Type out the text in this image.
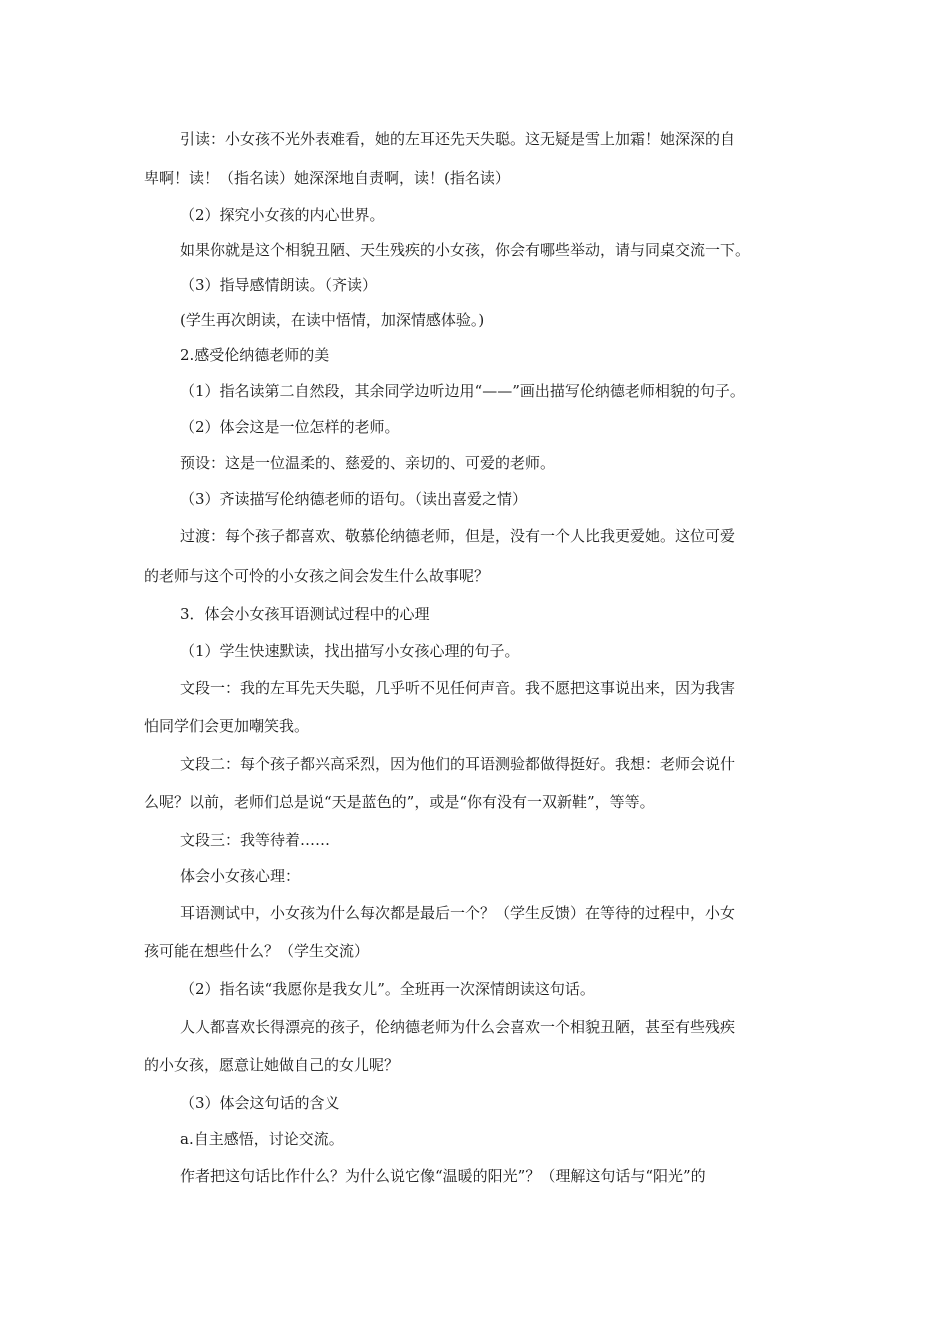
引读：小女孩不光外表难看，她的左耳还先天失聪。这无疑是雪上加霜！她深深的自
卑啊！读！（指名读）她深深地自责啊，读！(指名读）
（2）探究小女孩的内心世界。
如果你就是这个相貌丑陋、天生残疾的小女孩，你会有哪些举动，请与同桌交流一下。
（3）指导感情朗读。（齐读）
(学生再次朗读，在读中悟情，加深情感体验。)
2.感受伦纳德老师的美
（1）指名读第二自然段，其余同学边听边用“——”画出描写伦纳德老师相貌的句子。
（2）体会这是一位怎样的老师。
预设：这是一位温柔的、慈爱的、亲切的、可爱的老师。
（3）齐读描写伦纳德老师的语句。（读出喜爱之情）
过渡：每个孩子都喜欢、敬慕伦纳德老师，但是，没有一个人比我更爱她。这位可爱
的老师与这个可怜的小女孩之间会发生什么故事呢？
3．体会小女孩耳语测试过程中的心理
（1）学生快速默读，找出描写小女孩心理的句子。
文段一：我的左耳先天失聪，几乎听不见任何声音。我不愿把这事说出来，因为我害
怕同学们会更加嘲笑我。
文段二：每个孩子都兴高采烈，因为他们的耳语测验都做得挺好。我想：老师会说什
么呢？以前，老师们总是说“天是蓝色的”，或是“你有没有一双新鞋”，等等。
文段三：我等待着……
体会小女孩心理：
耳语测试中，小女孩为什么每次都是最后一个？（学生反馈）在等待的过程中，小女
孩可能在想些什么？（学生交流）
（2）指名读“我愿你是我女儿”。全班再一次深情朗读这句话。
人人都喜欢长得漂亮的孩子，伦纳德老师为什么会喜欢一个相貌丑陋，甚至有些残疾
的小女孩，愿意让她做自己的女儿呢？
（3）体会这句话的含义
a.自主感悟，讨论交流。
作者把这句话比作什么？为什么说它像“温暖的阳光”？（理解这句话与“阳光”的
